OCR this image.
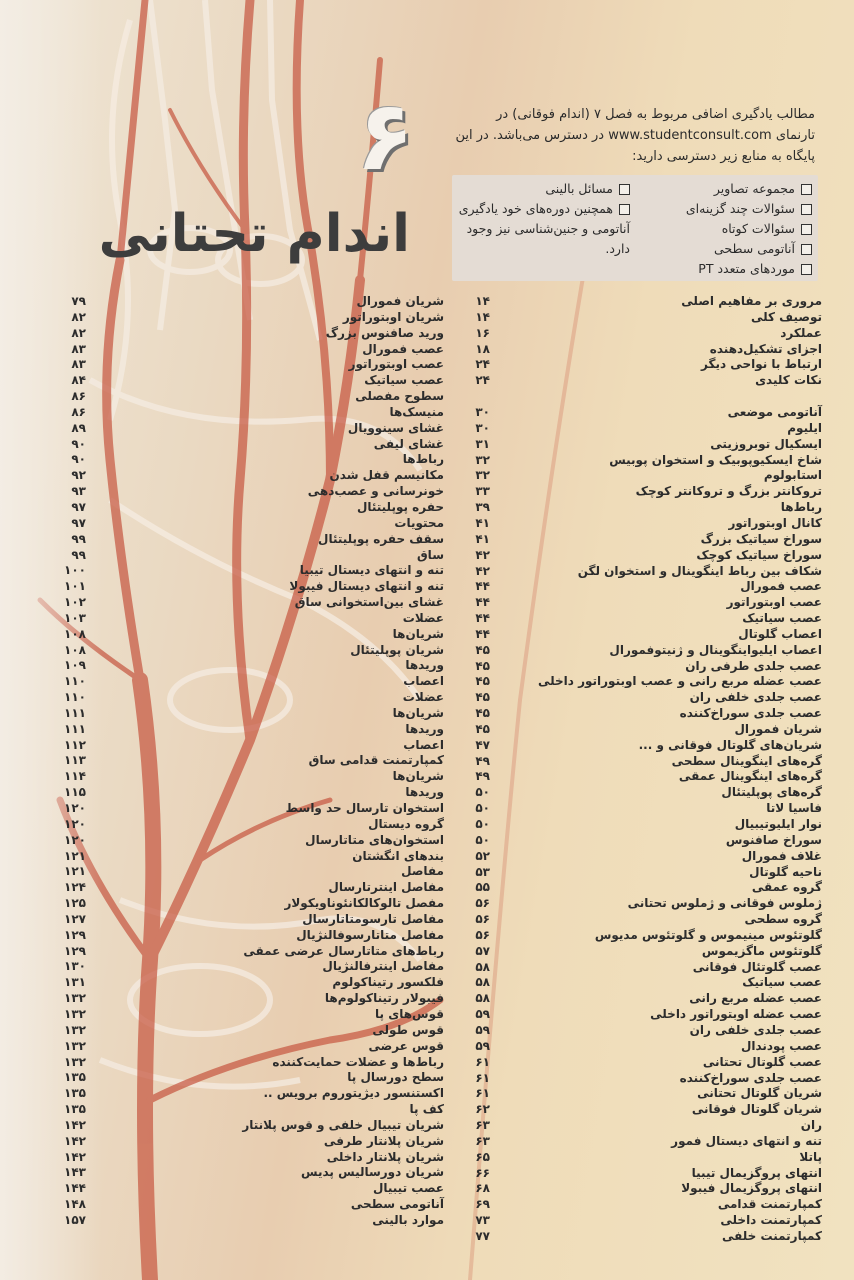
۶
اندام تحتانی
مطالب یادگیری اضافی مربوط به فصل ۷ (اندام فوقانی) در تارنمای www.studentconsult.com در دسترس می‌باشد. در این پایگاه به منابع زیر دسترسی دارید:
مجموعه تصاویر
سئوالات چند گزینه‌ای
سئوالات کوتاه
آناتومی سطحی
موردهای متعدد PT
مسائل بالینی
همچنین دوره‌های خود یادگیری آناتومی و جنین‌شناسی نیز وجود دارد.
مروری بر مفاهیم اصلی
۱۴
توصیف کلی
۱۴
عملکرد
۱۶
اجزای تشکیل‌دهنده
۱۸
ارتباط با نواحی دیگر
۲۴
نکات کلیدی
۲۴
آناتومی موضعی
۳۰
ایلیوم
۳۰
ایسکیال توبروزیتی
۳۱
شاخ ایسکیوپوبیک و استخوان پوبیس
۳۲
استابولوم
۳۲
تروکانتر بزرگ و تروکانتر کوچک
۳۳
رباط‌ها
۳۹
کانال اوبتوراتور
۴۱
سوراخ سیاتیک بزرگ
۴۱
سوراخ سیاتیک کوچک
۴۲
شکاف بین رباط اینگوینال و استخوان لگن
۴۲
عصب فمورال
۴۴
عصب اوبتوراتور
۴۴
عصب سیاتیک
۴۴
اعصاب گلوتال
۴۴
اعصاب ایلیواینگوینال و ژنیتوفمورال
۴۵
عصب جلدی طرفی ران
۴۵
عصب عضله مربع رانی و عصب اوبتوراتور داخلی
۴۵
عصب جلدی خلفی ران
۴۵
عصب جلدی سوراخ‌کننده
۴۵
شریان فمورال
۴۵
شریان‌های گلوتال فوقانی و ...
۴۷
گره‌های اینگوینال سطحی
۴۹
گره‌های اینگوینال عمقی
۴۹
گره‌های پوپلیتئال
۵۰
فاسیا لاتا
۵۰
نوار ایلیوتیبیال
۵۰
سوراخ صافنوس
۵۰
غلاف فمورال
۵۲
ناحیه گلوتال
۵۳
گروه عمقی
۵۵
ژملوس فوقانی و ژملوس تحتانی
۵۶
گروه سطحی
۵۶
گلوتئوس مینیموس و گلوتئوس مدیوس
۵۶
گلوتئوس ماگزیموس
۵۷
عصب گلوتئال فوقانی
۵۸
عصب سیاتیک
۵۸
عصب عضله مربع رانی
۵۸
عصب عضله اوبتوراتور داخلی
۵۹
عصب جلدی خلفی ران
۵۹
عصب پودندال
۵۹
عصب گلوتال تحتانی
۶۱
عصب جلدی سوراخ‌کننده
۶۱
شریان گلوتال تحتانی
۶۱
شریان گلوتال فوقانی
۶۲
ران
۶۳
تنه و انتهای دیستال فمور
۶۳
پاتلا
۶۵
انتهای پروگزیمال تیبیا
۶۶
انتهای پروگزیمال فیبولا
۶۸
کمپارتمنت قدامی
۶۹
کمپارتمنت داخلی
۷۳
کمپارتمنت خلفی
۷۷
شریان فمورال
۷۹
شریان اوبتوراتور
۸۲
ورید صافنوس بزرگ
۸۲
عصب فمورال
۸۳
عصب اوبتوراتور
۸۳
عصب سیاتیک
۸۴
سطوح مفصلی
۸۶
منیسک‌ها
۸۶
غشای سینوویال
۸۹
غشای لیفی
۹۰
رباط‌ها
۹۰
مکانیسم قفل شدن
۹۲
خونرسانی و عصب‌دهی
۹۳
حفره پوپلیتئال
۹۷
محتویات
۹۷
سقف حفره پوپلیتئال
۹۹
ساق
۹۹
تنه و انتهای دیستال تیبیا
۱۰۰
تنه و انتهای دیستال فیبولا
۱۰۱
غشای بین‌استخوانی ساق
۱۰۲
عضلات
۱۰۳
شریان‌ها
۱۰۸
شریان پوپلیتئال
۱۰۸
وریدها
۱۰۹
اعصاب
۱۱۰
عضلات
۱۱۰
شریان‌ها
۱۱۱
وریدها
۱۱۱
اعصاب
۱۱۲
کمپارتمنت قدامی ساق
۱۱۳
شریان‌ها
۱۱۴
وریدها
۱۱۵
استخوان تارسال حد واسط
۱۲۰
گروه دیستال
۱۲۰
استخوان‌های متاتارسال
۱۲۰
بندهای انگشتان
۱۲۱
مفاصل
۱۲۱
مفاصل اینترتارسال
۱۲۴
مفصل تالوکالکانئوناویکولار
۱۲۵
مفاصل تارسومتاتارسال
۱۲۷
مفاصل متاتارسوفالنژیال
۱۲۹
رباط‌های متاتارسال عرضی عمقی
۱۲۹
مفاصل اینترفالنژیال
۱۳۰
فلکسور رتیناکولوم
۱۳۱
فیبولار رتیناکولوم‌ها
۱۳۲
قوس‌های پا
۱۳۲
قوس طولی
۱۳۲
قوس عرضی
۱۳۲
رباط‌ها و عضلات حمایت‌کننده
۱۳۲
سطح دورسال پا
۱۳۵
اکستنسور دیژیتوروم برویس ..
۱۳۵
کف پا
۱۳۵
شریان تیبیال خلفی و قوس پلانتار
۱۴۲
شریان پلانتار طرفی
۱۴۲
شریان پلانتار داخلی
۱۴۲
شریان دورسالیس پدیس
۱۴۳
عصب تیبیال
۱۴۴
آناتومی سطحی
۱۴۸
موارد بالینی
۱۵۷
